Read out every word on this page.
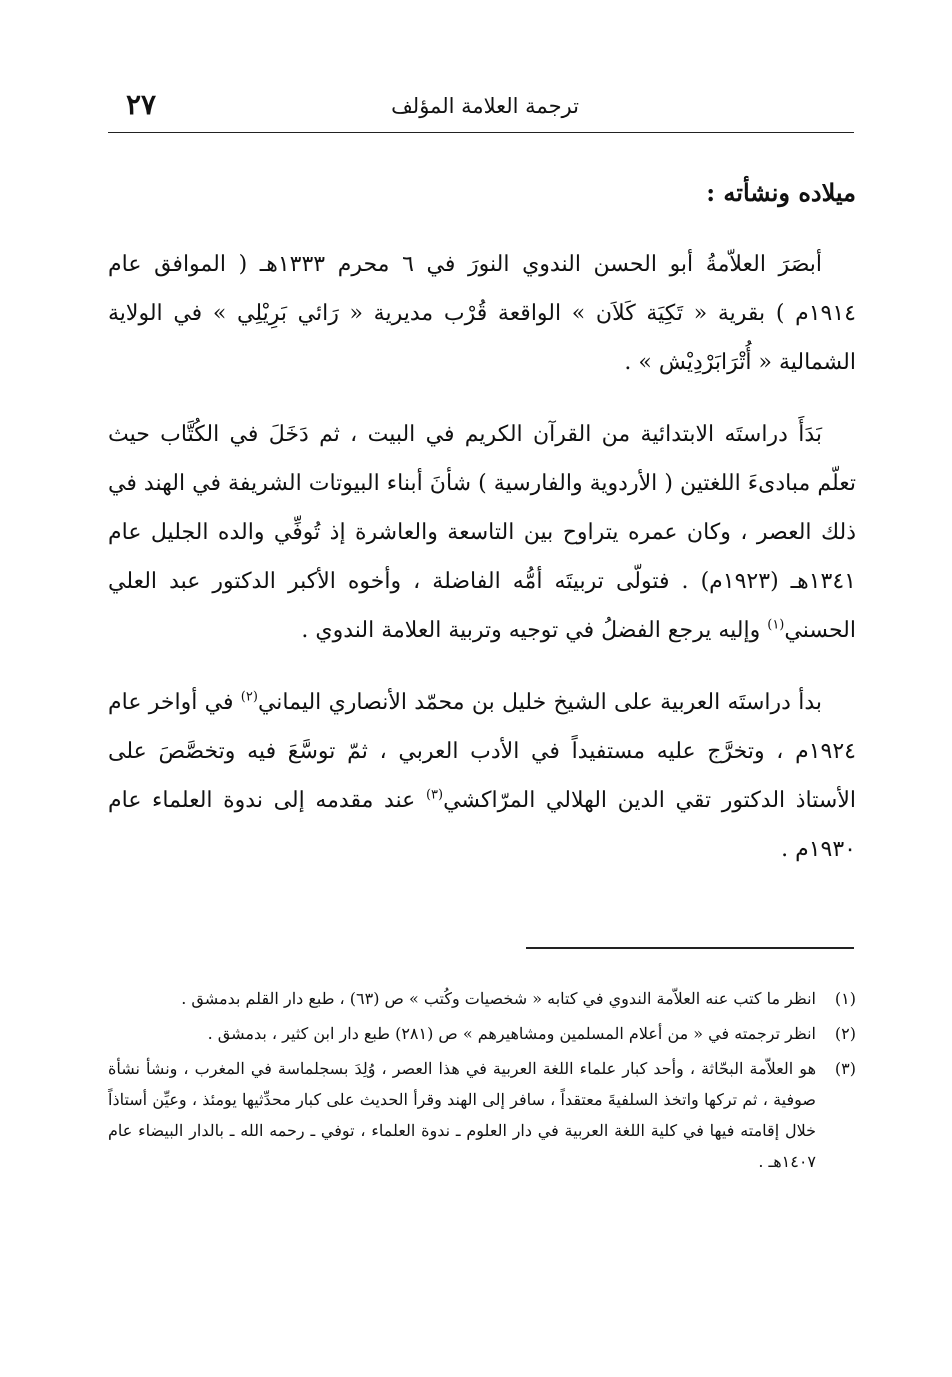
ترجمة العلامة المؤلف
٢٧
ميلاده ونشأته :

أبصَرَ العلاّمةُ أبو الحسن الندوي النورَ في ٦ محرم ١٣٣٣هـ ( الموافق عام ١٩١٤م ) بقرية « تَكِيَة كَلاَن » الواقعة قُرْب مديرية « رَائي بَرِيْلِي » في الولاية الشمالية « أُتْرَابَرْدِيْش » .

بَدَأَ دراستَه الابتدائية من القرآن الكريم في البيت ، ثم دَخَلَ في الكُتَّاب حيث تعلّم مبادىءَ اللغتين ( الأردوية والفارسية ) شأنَ أبناء البيوتات الشريفة في الهند في ذلك العصر ، وكان عمره يتراوح بين التاسعة والعاشرة إذ تُوفِّي والده الجليل عام ١٣٤١هـ (١٩٢٣م) . فتولّى تربيتَه أمُّه الفاضلة ، وأخوه الأكبر الدكتور عبد العلي الحسني$^{(١)}$ وإليه يرجع الفضلُ في توجيه وتربية العلامة الندوي .

بدأ دراستَه العربية على الشيخ خليل بن محمّد الأنصاري اليماني$^{(٢)}$ في أواخر عام ١٩٢٤م ، وتخرَّج عليه مستفيداً في الأدب العربي ، ثمّ توسَّعَ فيه وتخصَّصَ على الأستاذ الدكتور تقي الدين الهلالي المرّاكشي$^{(٣)}$ عند مقدمه إلى ندوة العلماء عام ١٩٣٠م .

(١)
انظر ما كتب عنه العلاّمة الندوي في كتابه « شخصيات وكُتب » ص (٦٣) ، طبع دار القلم بدمشق .
(٢)
انظر ترجمته في « من أعلام المسلمين ومشاهيرهم » ص (٢٨١) طبع دار ابن كثير ، بدمشق .
(٣)
هو العلاّمة البحّاثة ، وأحد كبار علماء اللغة العربية في هذا العصر ، وُلِدَ بسجلماسة في المغرب ، ونشأ نشأة صوفية ، ثم تركها واتخذ السلفيةَ معتقداً ، سافر إلى الهند وقرأ الحديث على كبار محدِّثيها يومئذ ، وعيِّن أستاذاً خلال إقامته فيها في كلية اللغة العربية في دار العلوم ـ ندوة العلماء ، توفي ـ رحمه الله ـ بالدار البيضاء عام ١٤٠٧هـ .
